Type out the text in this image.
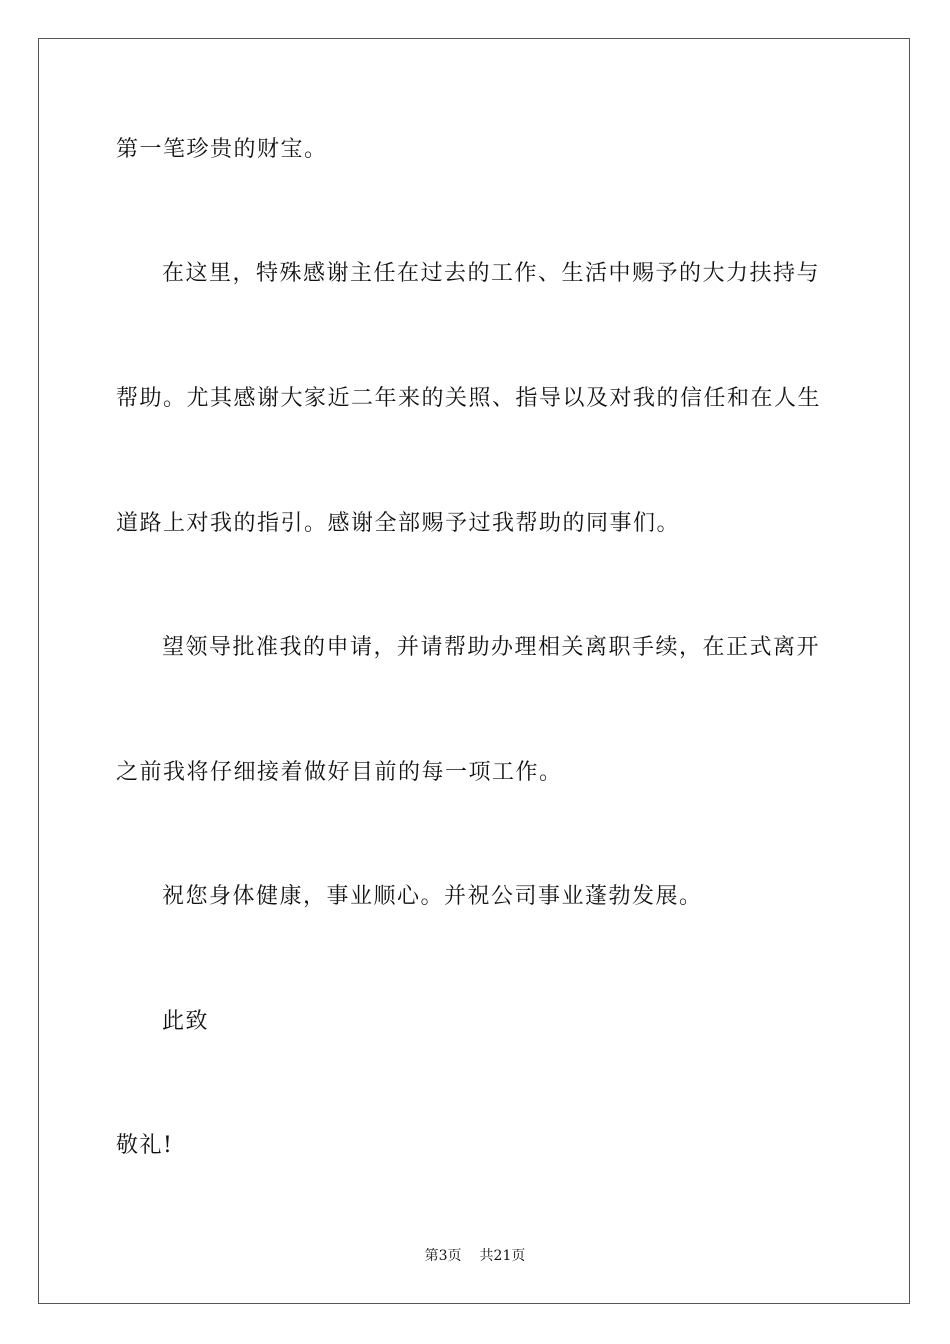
第一笔珍贵的财宝。
在这里，特殊感谢主任在过去的工作、生活中赐予的大力扶持与
帮助。尤其感谢大家近二年来的关照、指导以及对我的信任和在人生
道路上对我的指引。感谢全部赐予过我帮助的同事们。
望领导批准我的申请，并请帮助办理相关离职手续，在正式离开
之前我将仔细接着做好目前的每一项工作。
祝您身体健康，事业顺心。并祝公司事业蓬勃发展。
此致
敬礼!
第3页 共21页
